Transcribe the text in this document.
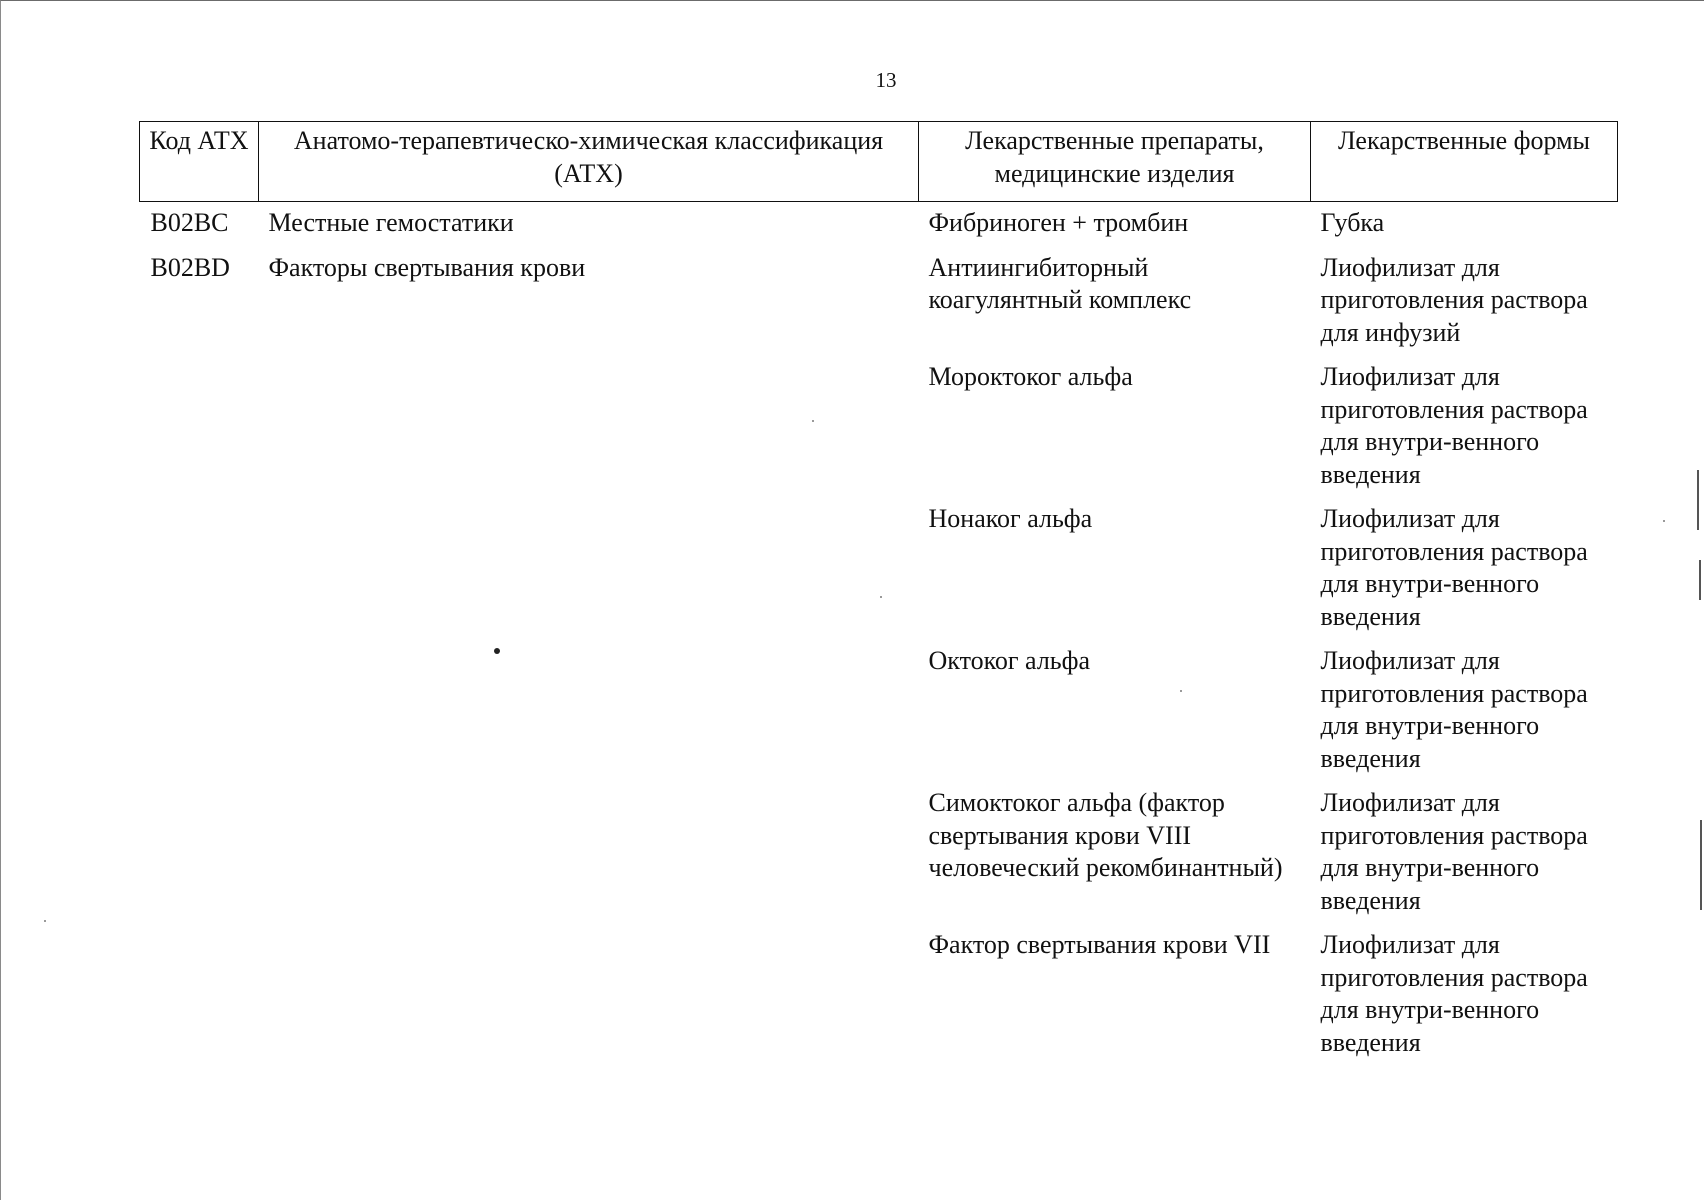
13
Код АТХ	Анатомо-терапевтическо-химическая классификация (АТХ)	Лекарственные препараты, медицинские изделия	Лекарственные формы
B02BC	Местные гемостатики	Фибриноген + тромбин	Губка
B02BD	Факторы свертывания крови	Антиингибиторный коагулянтный комплекс	Лиофилизат для приготовления раствора для инфузий
		Мороктоког альфа	Лиофилизат для приготовления раствора для внутри-венного введения

		Нонаког альфа	Лиофилизат для приготовления раствора для внутри-венного введения

		Октоког альфа	Лиофилизат для приготовления раствора для внутри-венного введения

		Симоктоког альфа (фактор свертывания крови VIII человеческий рекомбинантный)	Лиофилизат для приготовления раствора для внутри-венного введения

		Фактор свертывания крови VII	Лиофилизат для приготовления раствора для внутри-венного введения
